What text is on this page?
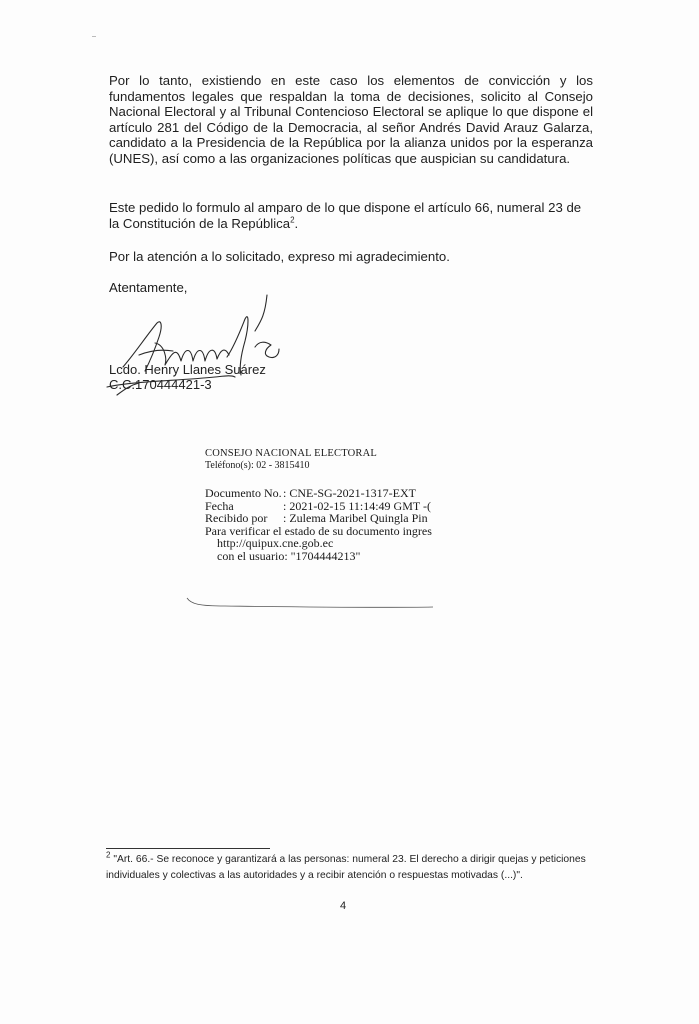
Por lo tanto, existiendo en este caso los elementos de convicción y los fundamentos legales que respaldan la toma de decisiones, solicito al Consejo Nacional Electoral y al Tribunal Contencioso Electoral se aplique lo que dispone el artículo 281 del Código de la Democracia, al señor Andrés David Arauz Galarza, candidato a la Presidencia de la República por la alianza unidos por la esperanza (UNES), así como a las organizaciones políticas que auspician su candidatura.

Este pedido lo formulo al amparo de lo que dispone el artículo 66, numeral 23 de la Constitución de la República$^2$.

Por la atención a lo solicitado, expreso mi agradecimiento.

Atentamente,

Lcdo. Henry Llanes Suárez
C.C.170444421-3
CONSEJO NACIONAL ELECTORAL
Teléfono(s): 02 - 3815410
Documento No.: CNE-SG-2021-1317-EXT
Fecha	: 2021-02-15 11:14:49 GMT -(
Recibido por : Zulema Maribel Quingla Pin
Para verificar el estado de su documento ingres
http://quipux.cne.gob.ec
con el usuario: "1704444213"
$^2$ "Art. 66.- Se reconoce y garantizará a las personas: numeral 23. El derecho a dirigir quejas y peticiones individuales y colectivas a las autoridades y a recibir atención o respuestas motivadas (...)".
4
